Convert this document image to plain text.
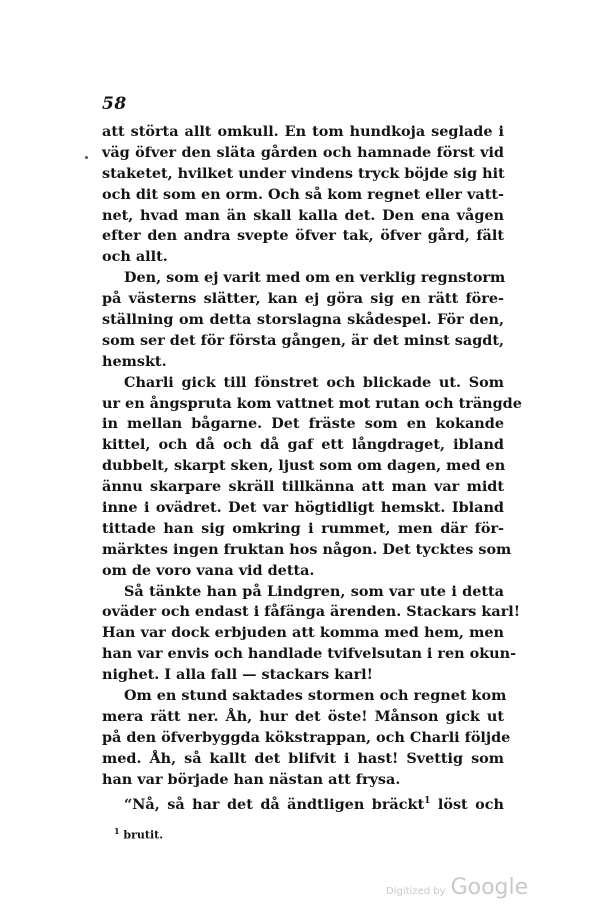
58
att störta allt omkull. En tom hundkoja seglade i
väg öfver den släta gården och hamnade först vid
staketet, hvilket under vindens tryck böjde sig hit
och dit som en orm. Och så kom regnet eller vatt-
net, hvad man än skall kalla det. Den ena vågen
efter den andra svepte öfver tak, öfver gård, fält
och allt.
Den, som ej varit med om en verklig regnstorm
på västerns slätter, kan ej göra sig en rätt före-
ställning om detta storslagna skådespel. För den,
som ser det för första gången, är det minst sagdt,
hemskt.
Charli gick till fönstret och blickade ut. Som
ur en ångspruta kom vattnet mot rutan och trängde
in mellan bågarne. Det fräste som en kokande
kittel, och då och då gaf ett långdraget, ibland
dubbelt, skarpt sken, ljust som om dagen, med en
ännu skarpare skräll tillkänna att man var midt
inne i ovädret. Det var högtidligt hemskt. Ibland
tittade han sig omkring i rummet, men där för-
märktes ingen fruktan hos någon. Det tycktes som
om de voro vana vid detta.
Så tänkte han på Lindgren, som var ute i detta
oväder och endast i fåfänga ärenden. Stackars karl!
Han var dock erbjuden att komma med hem, men
han var envis och handlade tvifvelsutan i ren okun-
nighet. I alla fall — stackars karl!
Om en stund saktades stormen och regnet kom
mera rätt ner. Åh, hur det öste! Månson gick ut
på den öfverbyggda kökstrappan, och Charli följde
med. Åh, så kallt det blifvit i hast! Svettig som
han var började han nästan att frysa.
“Nå, så har det då ändtligen bräckt$^1$ löst och
$^1$ brutit.
Digitized by Google
